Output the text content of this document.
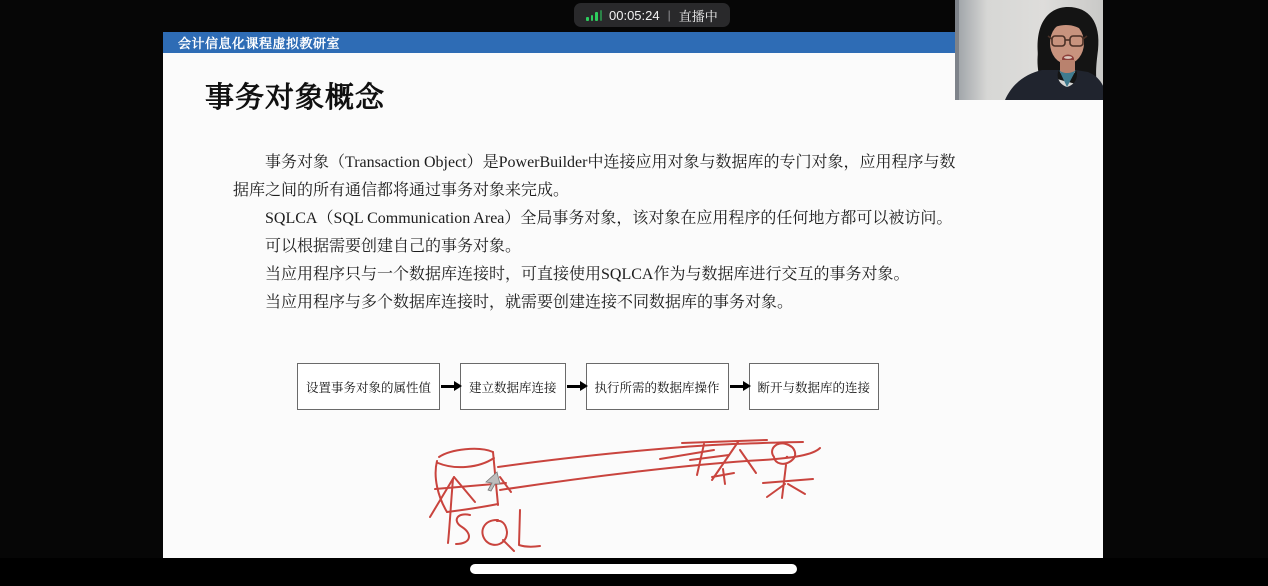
00:05:24 | 直播中
会计信息化课程虚拟教研室
事务对象概念
事务对象（Transaction Object）是PowerBuilder中连接应用对象与数据库的专门对象，应用程序与数
据库之间的所有通信都将通过事务对象来完成。
SQLCA（SQL Communication Area）全局事务对象，该对象在应用程序的任何地方都可以被访问。
可以根据需要创建自己的事务对象。
当应用程序只与一个数据库连接时，可直接使用SQLCA作为与数据库进行交互的事务对象。
当应用程序与多个数据库连接时，就需要创建连接不同数据库的事务对象。
设置事务对象的属性值	建立数据库连接	执行所需的数据库操作	断开与数据库的连接
